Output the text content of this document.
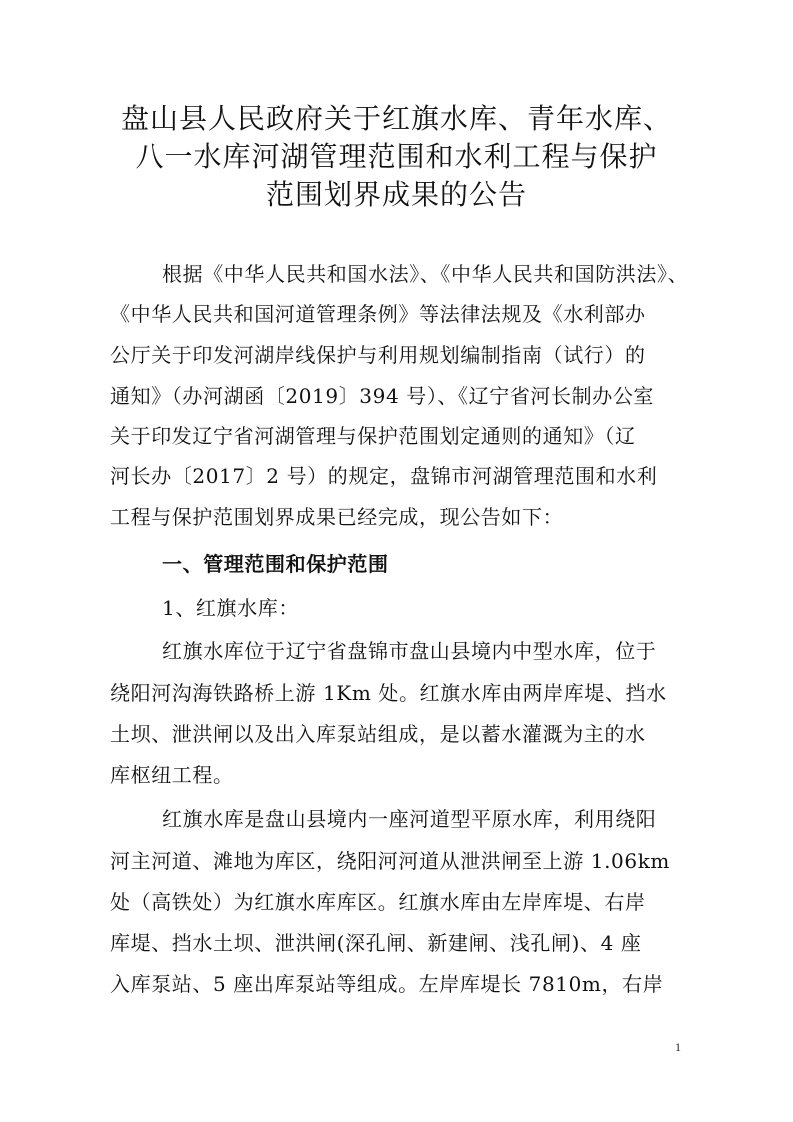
盘山县人民政府关于红旗水库、青年水库、
八一水库河湖管理范围和水利工程与保护
范围划界成果的公告
根据《中华人民共和国水法》、《中华人民共和国防洪法》、
《中华人民共和国河道管理条例》等法律法规及《水利部办
公厅关于印发河湖岸线保护与利用规划编制指南（试行）的
通知》（办河湖函〔2019〕394 号）、《辽宁省河长制办公室
关于印发辽宁省河湖管理与保护范围划定通则的通知》（辽
河长办〔2017〕2 号）的规定，盘锦市河湖管理范围和水利
工程与保护范围划界成果已经完成，现公告如下：
一、管理范围和保护范围
1、红旗水库：
红旗水库位于辽宁省盘锦市盘山县境内中型水库，位于
绕阳河沟海铁路桥上游 1Km 处。红旗水库由两岸库堤、挡水
土坝、泄洪闸以及出入库泵站组成，是以蓄水灌溉为主的水
库枢纽工程。
红旗水库是盘山县境内一座河道型平原水库，利用绕阳
河主河道、滩地为库区，绕阳河河道从泄洪闸至上游 1.06km
处（高铁处）为红旗水库库区。红旗水库由左岸库堤、右岸
库堤、挡水土坝、泄洪闸(深孔闸、新建闸、浅孔闸)、4 座
入库泵站、5 座出库泵站等组成。左岸库堤长 7810m，右岸
1
